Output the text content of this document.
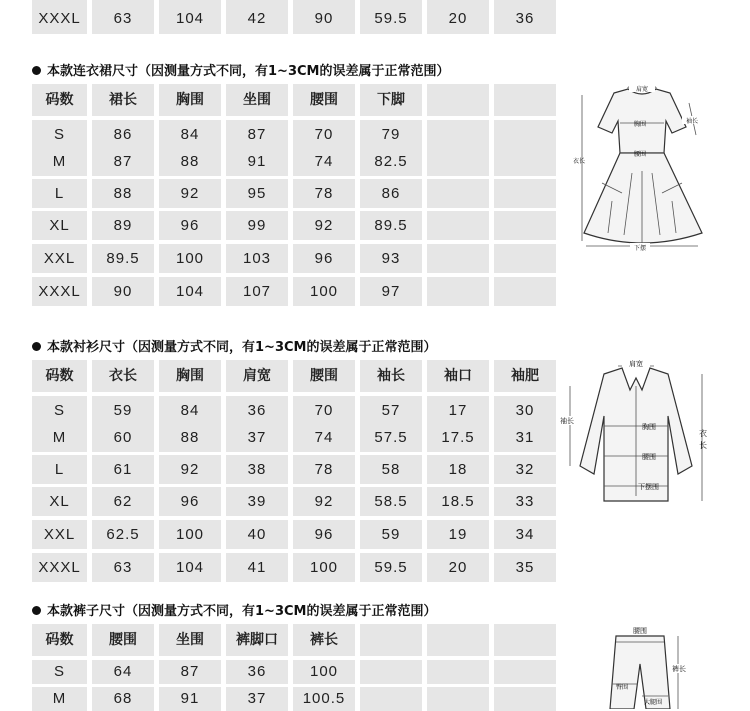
XXXL	63	104	42	90	59.5	20	36
本款连衣裙尺寸（因测量方式不同，有1~3CM的误差属于正常范围）
码数	裙长	胸围	坐围	腰围	下脚
S	86	84	87	70	79
M	87	88	91	74	82.5
L	88	92	95	78	86
XL	89	96	99	92	89.5
XXL	89.5	100	103	96	93
XXXL	90	104	107	100	97
肩宽
袖长
胸围
衣长
腰围
下摆
本款衬衫尺寸（因测量方式不同，有1~3CM的误差属于正常范围）
码数	衣长	胸围	肩宽	腰围	袖长	袖口	袖肥
S	59	84	36	70	57	17	30
M	60	88	37	74	57.5	17.5	31
L	61	92	38	78	58	18	32
XL	62	96	39	92	58.5	18.5	33
XXL	62.5	100	40	96	59	19	34
XXXL	63	104	41	100	59.5	20	35
肩宽
袖长
胸围
腰围
衣
长
下摆围
本款裤子尺寸（因测量方式不同，有1~3CM的误差属于正常范围）
码数	腰围	坐围	裤脚口	裤长
S	64	87	36	100
M	68	91	37	100.5
腰围
裤长
臀围
大腿围
